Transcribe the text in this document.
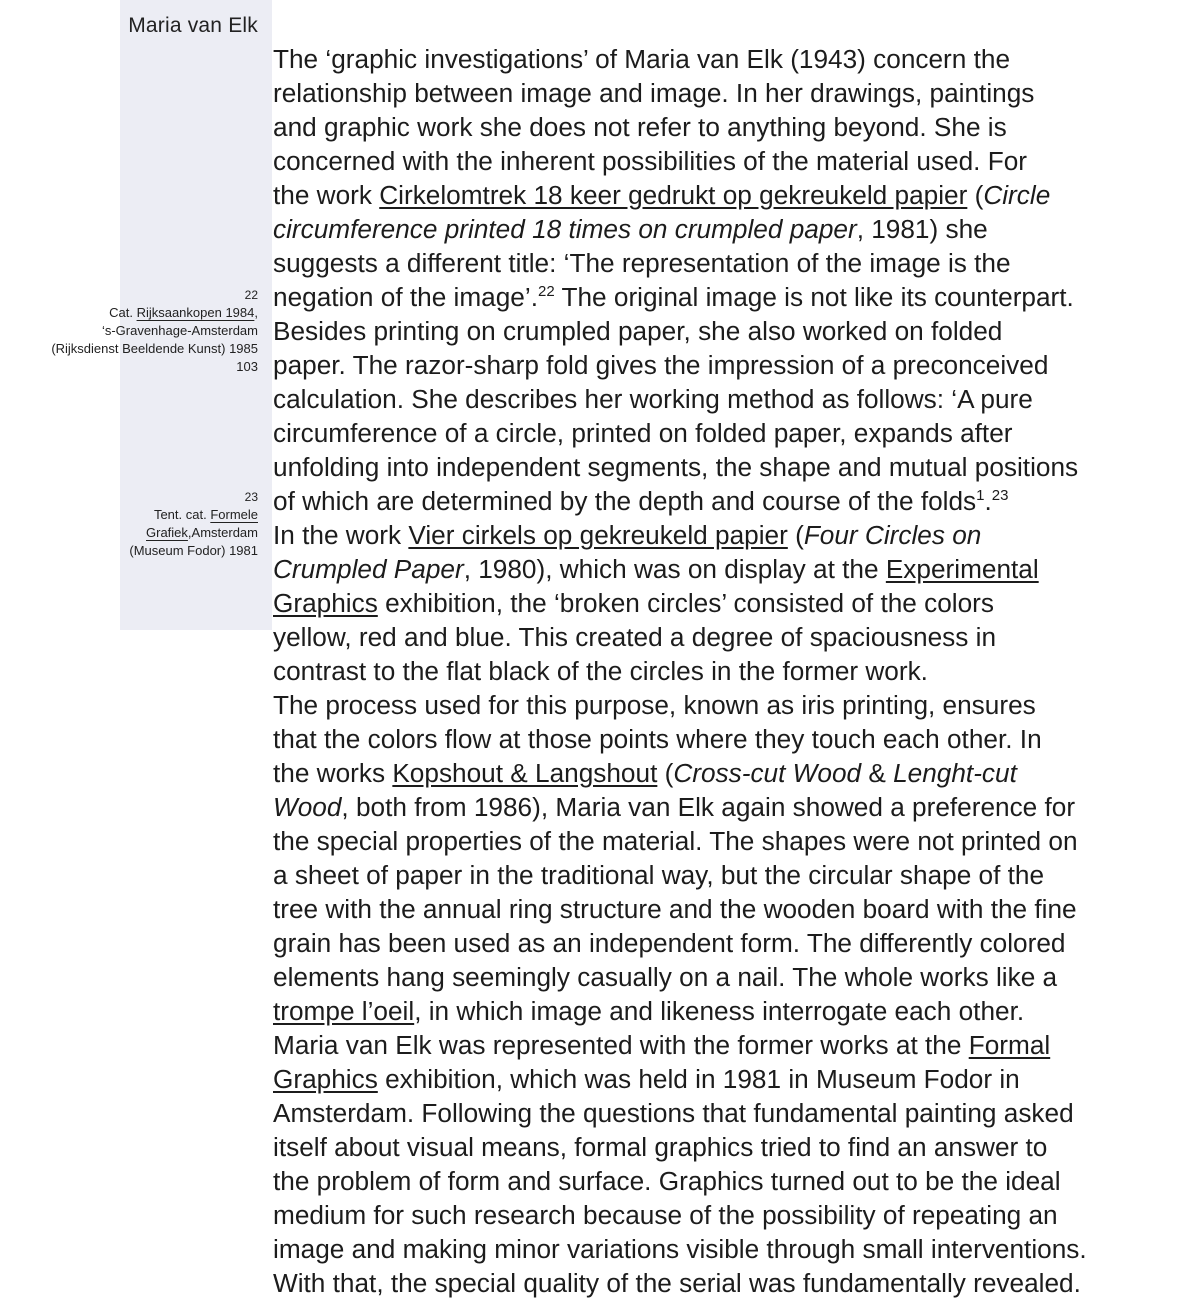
Maria van Elk
22
Cat. Rijksaankopen 1984,
‘s-Gravenhage-Amsterdam
(Rijksdienst Beeldende Kunst) 1985
103
23
Tent. cat. Formele
Grafiek,Amsterdam
(Museum Fodor) 1981
The ‘graphic investigations’ of Maria van Elk (1943) concern the
relationship between image and image. In her drawings, paintings
and graphic work she does not refer to anything beyond. She is
concerned with the inherent possibilities of the material used. For
the work Cirkelomtrek 18 keer gedrukt op gekreukeld papier (Circle
circumference printed 18 times on crumpled paper, 1981) she
suggests a different title: ‘The representation of the image is the
negation of the image’.$^{22}$ The original image is not like its counterpart.
Besides printing on crumpled paper, she also worked on folded
paper. The razor-sharp fold gives the impression of a preconceived
calculation. She describes her working method as follows: ‘A pure
circumference of a circle, printed on folded paper, expands after
unfolding into independent segments, the shape and mutual positions
of which are determined by the depth and course of the folds$^1$.$^{23}$
In the work Vier cirkels op gekreukeld papier (Four Circles on
Crumpled Paper, 1980), which was on display at the Experimental
Graphics exhibition, the ‘broken circles’ consisted of the colors
yellow, red and blue. This created a degree of spaciousness in
contrast to the flat black of the circles in the former work.
The process used for this purpose, known as iris printing, ensures
that the colors flow at those points where they touch each other. In
the works Kopshout & Langshout (Cross-cut Wood & Lenght-cut
Wood, both from 1986), Maria van Elk again showed a preference for
the special properties of the material. The shapes were not printed on
a sheet of paper in the traditional way, but the circular shape of the
tree with the annual ring structure and the wooden board with the fine
grain has been used as an independent form. The differently colored
elements hang seemingly casually on a nail. The whole works like a
trompe l’oeil, in which image and likeness interrogate each other.
Maria van Elk was represented with the former works at the Formal
Graphics exhibition, which was held in 1981 in Museum Fodor in
Amsterdam. Following the questions that fundamental painting asked
itself about visual means, formal graphics tried to find an answer to
the problem of form and surface. Graphics turned out to be the ideal
medium for such research because of the possibility of repeating an
image and making minor variations visible through small interventions.
With that, the special quality of the serial was fundamentally revealed.
